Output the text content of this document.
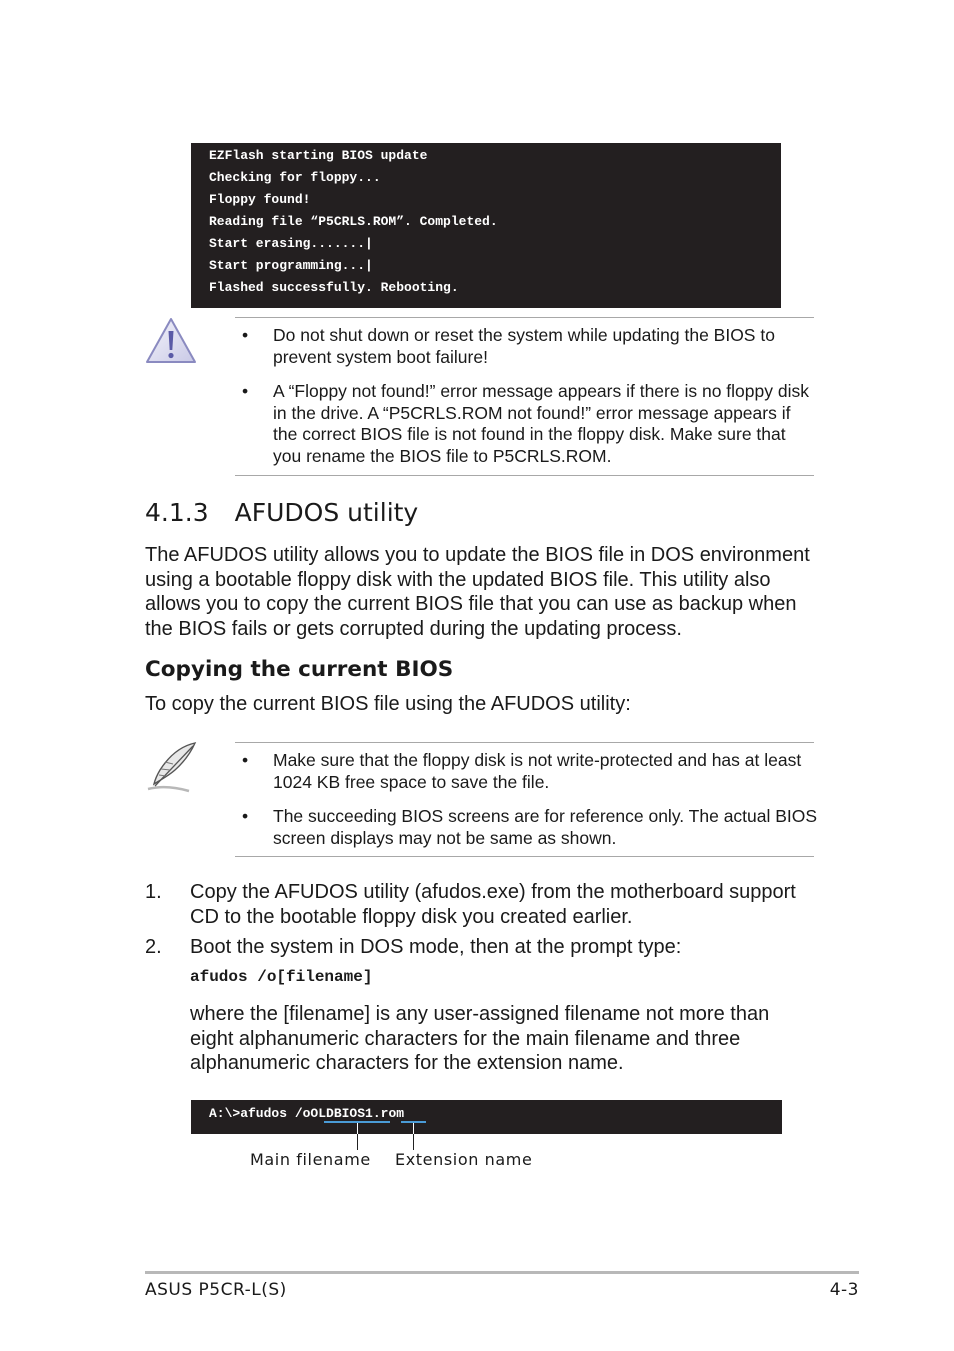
EZFlash starting BIOS update
Checking for floppy...
Floppy found!
Reading file “P5CRLS.ROM”. Completed.
Start erasing.......|
Start programming...|
Flashed successfully. Rebooting.
• Do not shut down or reset the system while updating the BIOS to prevent system boot failure!
• A “Floppy not found!” error message appears if there is no floppy disk in the drive. A “P5CRLS.ROM not found!” error message appears if the correct BIOS file is not found in the floppy disk. Make sure that you rename the BIOS file to P5CRLS.ROM.
4.1.3 AFUDOS utility
The AFUDOS utility allows you to update the BIOS file in DOS environment using a bootable floppy disk with the updated BIOS file. This utility also allows you to copy the current BIOS file that you can use as backup when the BIOS fails or gets corrupted during the updating process.
Copying the current BIOS
To copy the current BIOS file using the AFUDOS utility:
• Make sure that the floppy disk is not write-protected and has at least 1024 KB free space to save the file.
• The succeeding BIOS screens are for reference only. The actual BIOS screen displays may not be same as shown.
1. Copy the AFUDOS utility (afudos.exe) from the motherboard support CD to the bootable floppy disk you created earlier.
2. Boot the system in DOS mode, then at the prompt type:
afudos /o[filename]
where the [filename] is any user-assigned filename not more than eight alphanumeric characters for the main filename and three alphanumeric characters for the extension name.
A:\>afudos /oOLDBIOS1.rom
Main filename Extension name
ASUS P5CR-L(S)	4-3
